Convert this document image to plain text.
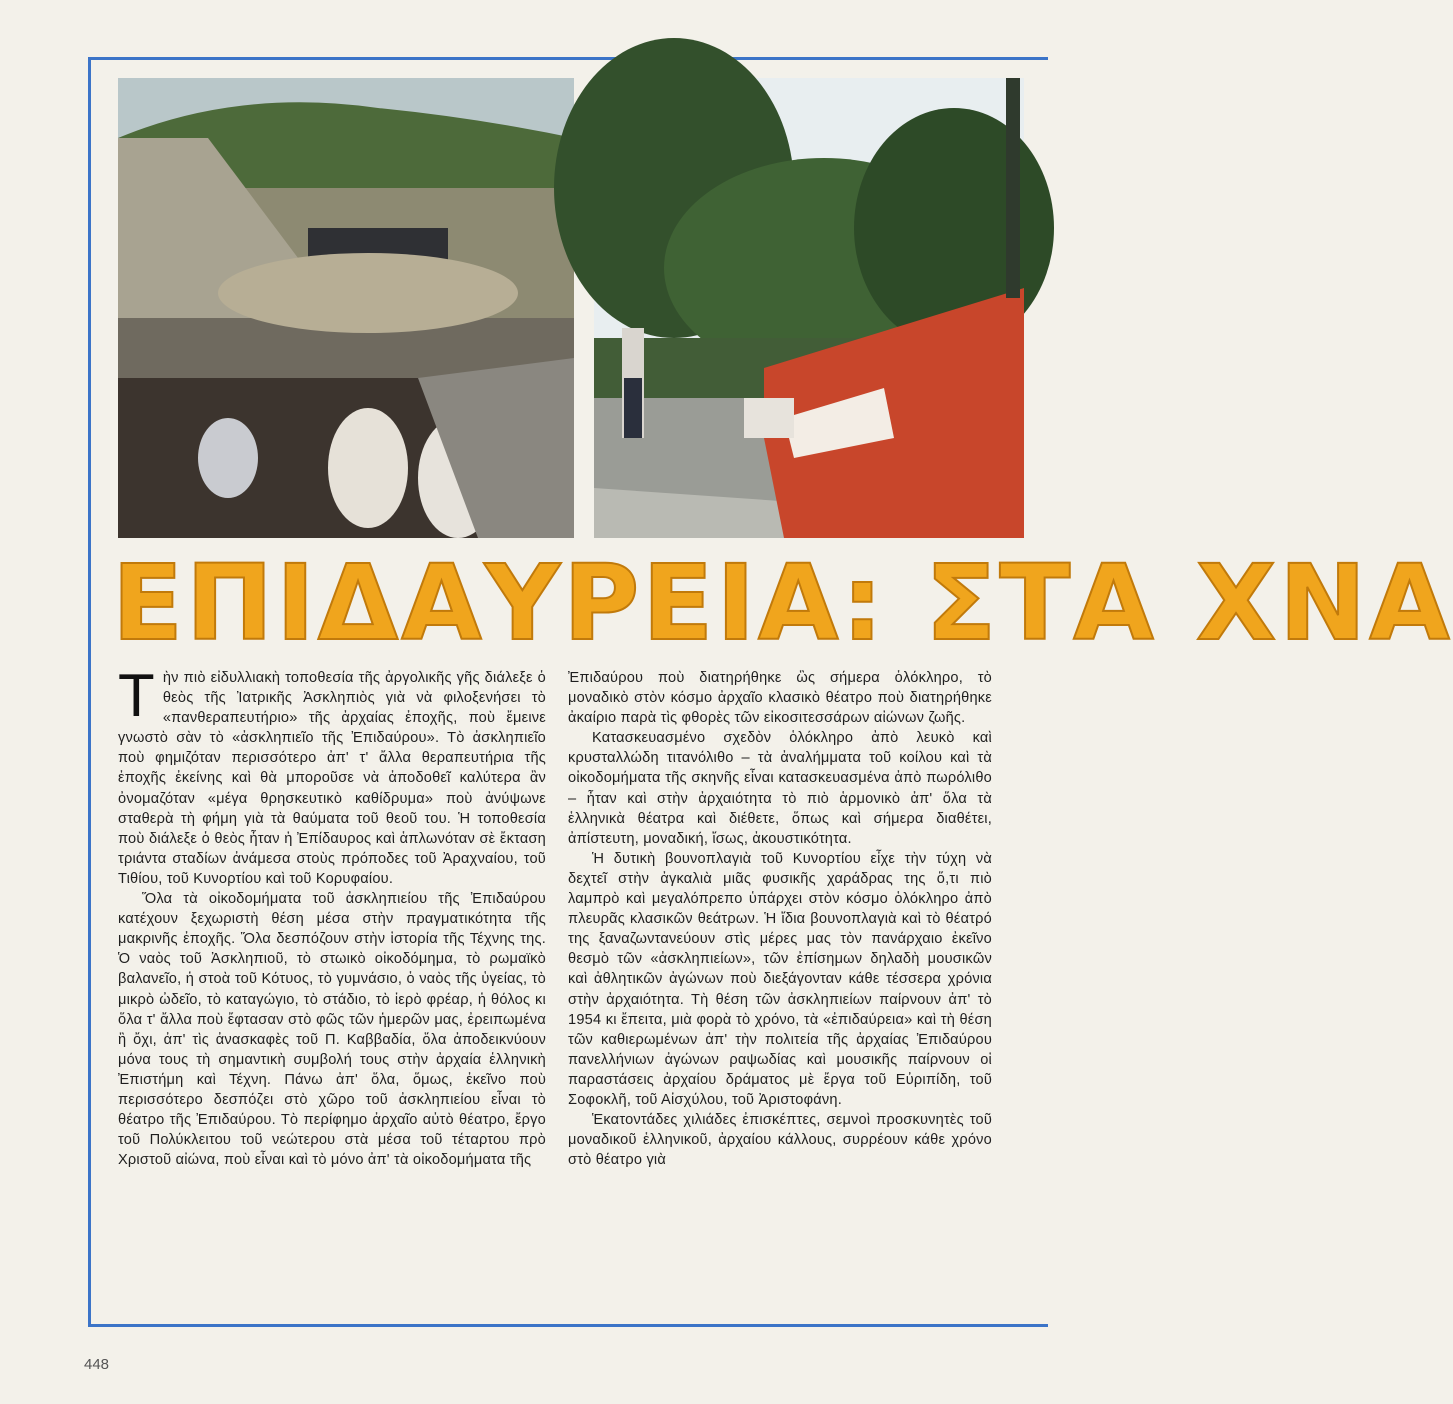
ΕΠΙΔΑΥΡΕΙΑ: ΣΤΑ ΧΝΑ

Τὴν πιὸ εἰδυλλιακὴ τοποθεσία τῆς ἀργολικῆς γῆς διάλεξε ὁ θεὸς τῆς Ἰατρικῆς Ἀσκληπιὸς γιὰ νὰ φιλοξενήσει τὸ «πανθεραπευτήριο» τῆς ἀρχαίας ἐποχῆς, ποὺ ἔμεινε γνωστὸ σὰν τὸ «ἀσκληπιεῖο τῆς Ἐπιδαύρου». Τὸ ἀσκληπιεῖο ποὺ φημιζόταν περισσότερο ἀπ' τ' ἄλλα θεραπευτήρια τῆς ἐποχῆς ἐκείνης καὶ θὰ μποροῦσε νὰ ἀποδοθεῖ καλύτερα ἂν ὀνομαζόταν «μέγα θρησκευτικὸ καθίδρυμα» ποὺ ἀνύψωνε σταθερὰ τὴ φήμη γιὰ τὰ θαύματα τοῦ θεοῦ του. Ἡ τοποθεσία ποὺ διάλεξε ὁ θεὸς ἦταν ἡ Ἐπίδαυρος καὶ ἁπλωνόταν σὲ ἔκταση τριάντα σταδίων ἀνάμεσα στοὺς πρόποδες τοῦ Ἀραχναίου, τοῦ Τιθίου, τοῦ Κυνορτίου καὶ τοῦ Κορυφαίου.

Ὅλα τὰ οἰκοδομήματα τοῦ ἀσκληπιείου τῆς Ἐπιδαύρου κατέχουν ξεχωριστὴ θέση μέσα στὴν πραγματικότητα τῆς μακρινῆς ἐποχῆς. Ὅλα δεσπόζουν στὴν ἱστορία τῆς Τέχνης της. Ὁ ναὸς τοῦ Ἀσκληπιοῦ, τὸ στωικὸ οἰκοδόμημα, τὸ ρωμαϊκὸ βαλανεῖο, ἡ στοὰ τοῦ Κότυος, τὸ γυμνάσιο, ὁ ναὸς τῆς ὑγείας, τὸ μικρὸ ὠδεῖο, τὸ καταγώγιο, τὸ στάδιο, τὸ ἱερὸ φρέαρ, ἡ θόλος κι ὅλα τ' ἄλλα ποὺ ἔφτασαν στὸ φῶς τῶν ἡμερῶν μας, ἐρειπωμένα ἢ ὄχι, ἀπ' τὶς ἀνασκαφὲς τοῦ Π. Καββαδία, ὅλα ἀποδεικνύουν μόνα τους τὴ σημαντικὴ συμβολή τους στὴν ἀρχαία ἑλληνικὴ Ἐπιστήμη καὶ Τέχνη. Πάνω ἀπ' ὅλα, ὅμως, ἐκεῖνο ποὺ περισσότερο δεσπόζει στὸ χῶρο τοῦ ἀσκληπιείου εἶναι τὸ θέατρο τῆς Ἐπιδαύρου. Τὸ περίφημο ἀρχαῖο αὐτὸ θέατρο, ἔργο τοῦ Πολύκλειτου τοῦ νεώτερου στὰ μέσα τοῦ τέταρτου πρὸ Χριστοῦ αἰώνα, ποὺ εἶναι καὶ τὸ μόνο ἀπ' τὰ οἰκοδομήματα τῆς

Ἐπιδαύρου ποὺ διατηρήθηκε ὣς σήμερα ὁλόκληρο, τὸ μοναδικὸ στὸν κόσμο ἀρχαῖο κλασικὸ θέατρο ποὺ διατηρήθηκε ἀκαίριο παρὰ τὶς φθορὲς τῶν εἰκοσιτεσσάρων αἰώνων ζωῆς.

Κατασκευασμένο σχεδὸν ὁλόκληρο ἀπὸ λευκὸ καὶ κρυσταλλώδη τιτανόλιθο – τὰ ἀναλήμματα τοῦ κοίλου καὶ τὰ οἰκοδομήματα τῆς σκηνῆς εἶναι κατασκευασμένα ἀπὸ πωρόλιθο – ἦταν καὶ στὴν ἀρχαιότητα τὸ πιὸ ἁρμονικὸ ἀπ' ὅλα τὰ ἑλληνικὰ θέατρα καὶ διέθετε, ὅπως καὶ σήμερα διαθέτει, ἀπίστευτη, μοναδική, ἴσως, ἀκουστικότητα.

Ἡ δυτικὴ βουνοπλαγιὰ τοῦ Κυνορτίου εἶχε τὴν τύχη νὰ δεχτεῖ στὴν ἀγκαλιὰ μιᾶς φυσικῆς χαράδρας της ὅ,τι πιὸ λαμπρὸ καὶ μεγαλόπρεπο ὑπάρχει στὸν κόσμο ὁλόκληρο ἀπὸ πλευρᾶς κλασικῶν θεάτρων. Ἡ ἴδια βουνοπλαγιὰ καὶ τὸ θέατρό της ξαναζωντανεύουν στὶς μέρες μας τὸν πανάρχαιο ἐκεῖνο θεσμὸ τῶν «ἀσκληπιείων», τῶν ἐπίσημων δηλαδὴ μουσικῶν καὶ ἀθλητικῶν ἀγώνων ποὺ διεξάγονταν κάθε τέσσερα χρόνια στὴν ἀρχαιότητα. Τὴ θέση τῶν ἀσκληπιείων παίρνουν ἀπ' τὸ 1954 κι ἔπειτα, μιὰ φορὰ τὸ χρόνο, τὰ «ἐπιδαύρεια» καὶ τὴ θέση τῶν καθιερωμένων ἀπ' τὴν πολιτεία τῆς ἀρχαίας Ἐπιδαύρου πανελλήνιων ἀγώνων ραψωδίας καὶ μουσικῆς παίρνουν οἱ παραστάσεις ἀρχαίου δράματος μὲ ἔργα τοῦ Εὐριπίδη, τοῦ Σοφοκλῆ, τοῦ Αἰσχύλου, τοῦ Ἀριστοφάνη.

Ἑκατοντάδες χιλιάδες ἐπισκέπτες, σεμνοὶ προσκυνητὲς τοῦ μοναδικοῦ ἑλληνικοῦ, ἀρχαίου κάλλους, συρρέουν κάθε χρόνο στὸ θέατρο γιὰ

448
